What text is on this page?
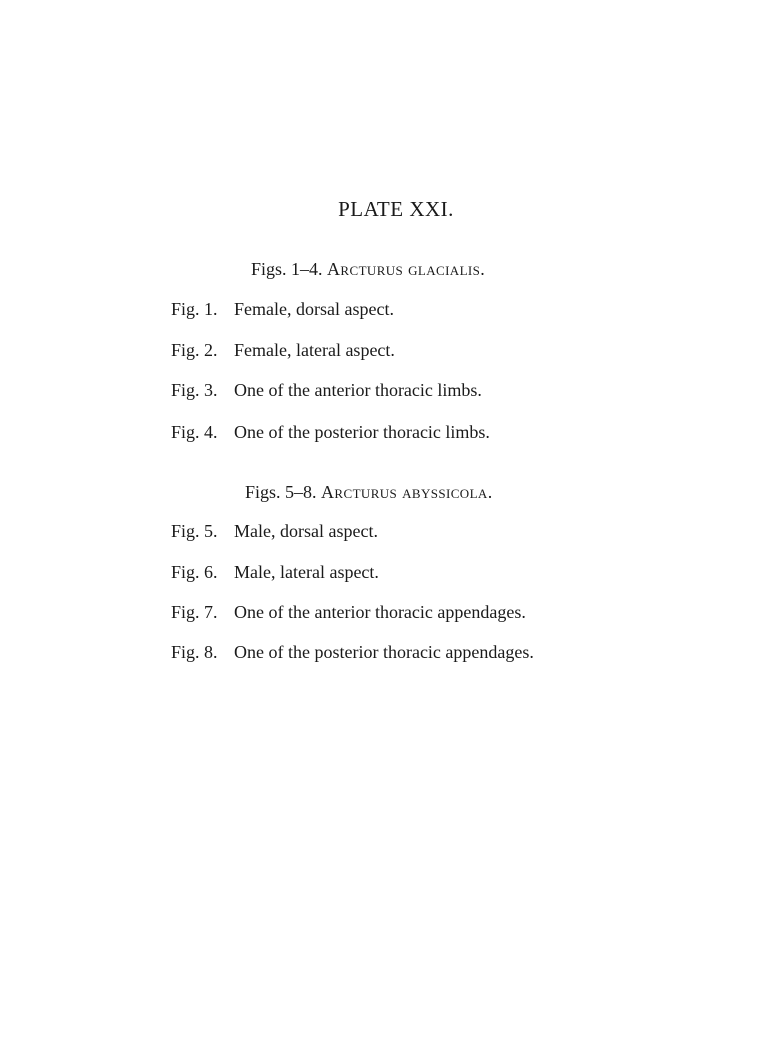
PLATE XXI.
Figs. 1–4. Arcturus glacialis.
Fig. 1. Female, dorsal aspect.
Fig. 2. Female, lateral aspect.
Fig. 3. One of the anterior thoracic limbs.
Fig. 4. One of the posterior thoracic limbs.
Figs. 5–8. Arcturus abyssicola.
Fig. 5. Male, dorsal aspect.
Fig. 6. Male, lateral aspect.
Fig. 7. One of the anterior thoracic appendages.
Fig. 8. One of the posterior thoracic appendages.
